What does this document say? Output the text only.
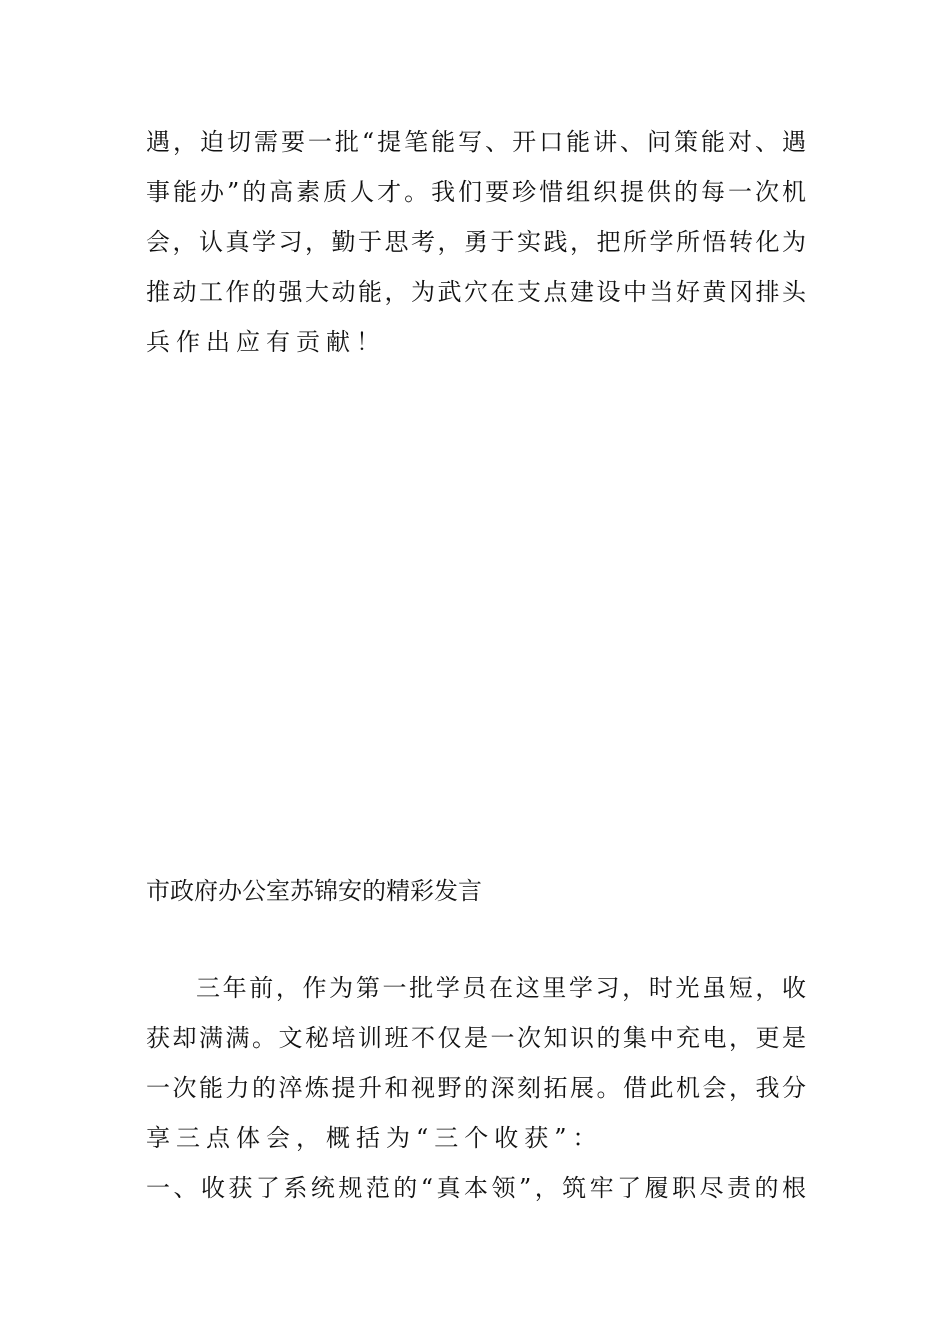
遇，迫切需要一批“提笔能写、开口能讲、问策能对、遇
事能办”的高素质人才。我们要珍惜组织提供的每一次机
会，认真学习，勤于思考，勇于实践，把所学所悟转化为
推动工作的强大动能，为武穴在支点建设中当好黄冈排头
兵作出应有贡献！
市政府办公室苏锦安的精彩发言
三年前，作为第一批学员在这里学习，时光虽短，收
获却满满。文秘培训班不仅是一次知识的集中充电，更是
一次能力的淬炼提升和视野的深刻拓展。借此机会，我分
享三点体会，概括为“三个收获”：
一、收获了系统规范的“真本领”，筑牢了履职尽责的根
